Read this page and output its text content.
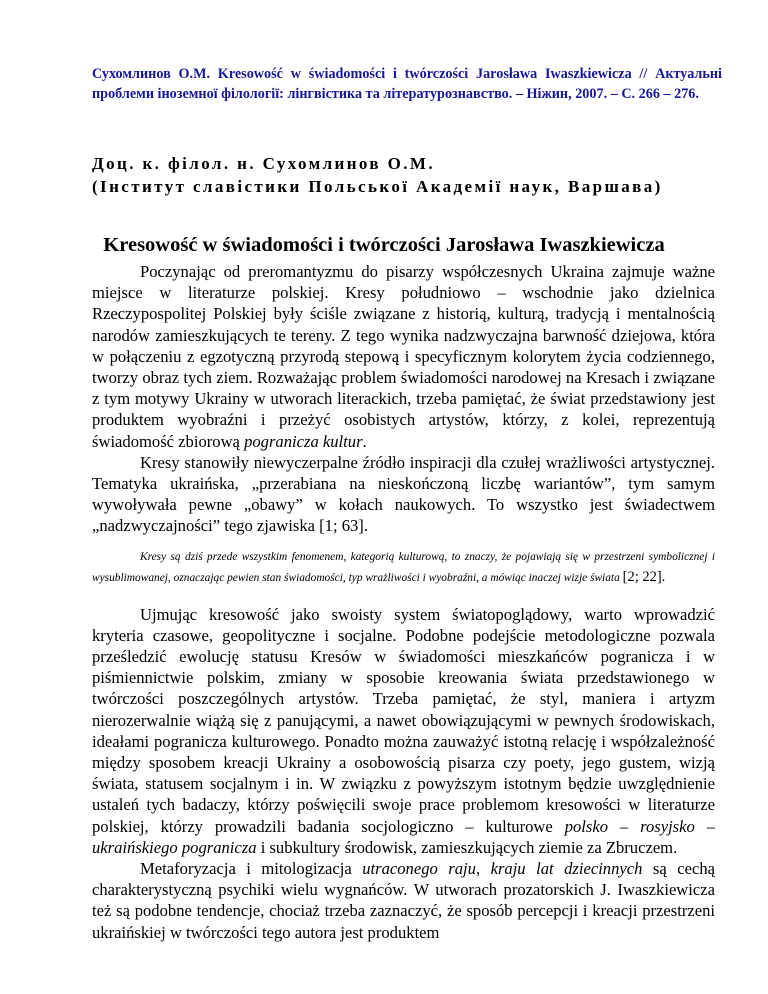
Сухомлинов О.М. Kresowość w świadomości i twórczości Jarosława Iwaszkiewicza // Актуальні проблеми іноземної філології: лінгвістика та літературознавство. – Ніжин, 2007. – С. 266 – 276.
Доц. к. філол. н. Сухомлинов О.М.
(Інститут славістики Польської Академії наук, Варшава)
Kresowość w świadomości i twórczości Jarosława Iwaszkiewicza

Poczynając od preromantyzmu do pisarzy współczesnych Ukraina zajmuje ważne miejsce w literaturze polskiej. Kresy południowo – wschodnie jako dzielnica Rzeczypospolitej Polskiej były ściśle związane z historią, kulturą, tradycją i mentalnością narodów zamieszkujących te tereny. Z tego wynika nadzwyczajna barwność dziejowa, która w połączeniu z egzotyczną przyrodą stepową i specyficznym kolorytem życia codziennego, tworzy obraz tych ziem. Rozważając problem świadomości narodowej na Kresach i związane z tym motywy Ukrainy w utworach literackich, trzeba pamiętać, że świat przedstawiony jest produktem wyobraźni i przeżyć osobistych artystów, którzy, z kolei, reprezentują świadomość zbiorową pogranicza kultur.

Kresy stanowiły niewyczerpalne źródło inspiracji dla czułej wrażliwości artystycznej. Tematyka ukraińska, „przerabiana na nieskończoną liczbę wariantów”, tym samym wywoływała pewne „obawy” w kołach naukowych. To wszystko jest świadectwem „nadzwyczajności” tego zjawiska [1; 63].

Kresy są dziś przede wszystkim fenomenem, kategorią kulturową, to znaczy, że pojawiają się w przestrzeni symbolicznej i wysublimowanej, oznaczając pewien stan świadomości, typ wrażliwości i wyobraźni, a mówiąc inaczej wizje świata [2; 22].

Ujmując kresowość jako swoisty system światopoglądowy, warto wprowadzić kryteria czasowe, geopolityczne i socjalne. Podobne podejście metodologiczne pozwala prześledzić ewolucję statusu Kresów w świadomości mieszkańców pogranicza i w piśmiennictwie polskim, zmiany w sposobie kreowania świata przedstawionego w twórczości poszczególnych artystów. Trzeba pamiętać, że styl, maniera i artyzm nierozerwalnie wiążą się z panującymi, a nawet obowiązującymi w pewnych środowiskach, ideałami pogranicza kulturowego. Ponadto można zauważyć istotną relację i współzależność między sposobem kreacji Ukrainy a osobowością pisarza czy poety, jego gustem, wizją świata, statusem socjalnym i in. W związku z powyższym istotnym będzie uwzględnienie ustaleń tych badaczy, którzy poświęcili swoje prace problemom kresowości w literaturze polskiej, którzy prowadzili badania socjologiczno – kulturowe polsko – rosyjsko – ukraińskiego pogranicza i subkultury środowisk, zamieszkujących ziemie za Zbruczem.

Metaforyzacja i mitologizacja utraconego raju, kraju lat dziecinnych są cechą charakterystyczną psychiki wielu wygnańców. W utworach prozatorskich J. Iwaszkiewicza też są podobne tendencje, chociaż trzeba zaznaczyć, że sposób percepcji i kreacji przestrzeni ukraińskiej w twórczości tego autora jest produktem
